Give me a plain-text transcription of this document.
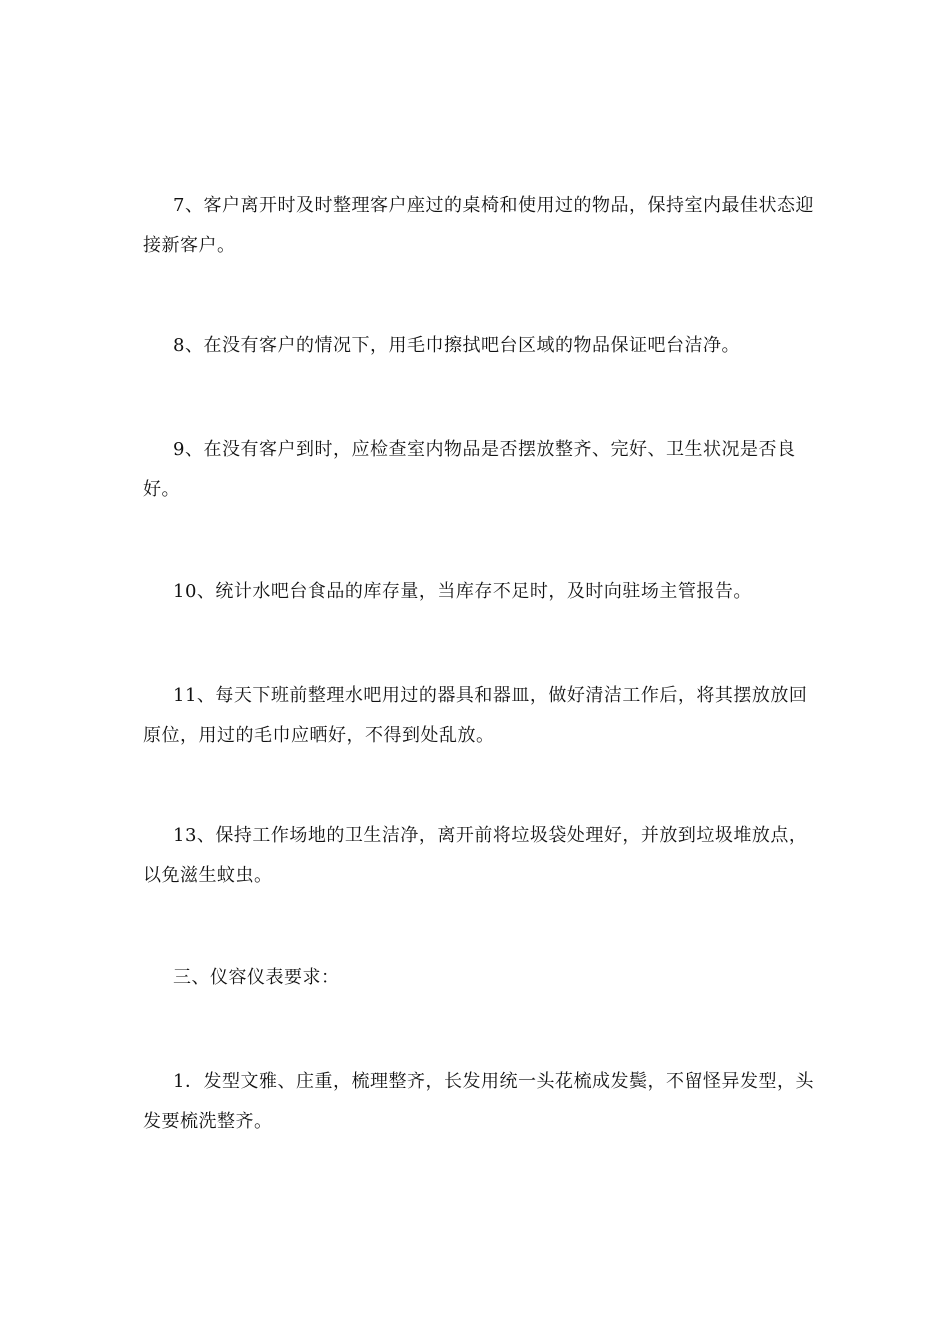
7、客户离开时及时整理客户座过的桌椅和使用过的物品，保持室内最佳状态迎接新客户。

8、在没有客户的情况下，用毛巾擦拭吧台区域的物品保证吧台洁净。

9、在没有客户到时，应检查室内物品是否摆放整齐、完好、卫生状况是否良好。

10、统计水吧台食品的库存量，当库存不足时，及时向驻场主管报告。

11、每天下班前整理水吧用过的器具和器皿，做好清洁工作后，将其摆放放回原位，用过的毛巾应晒好，不得到处乱放。

13、保持工作场地的卫生洁净，离开前将垃圾袋处理好，并放到垃圾堆放点，以免滋生蚊虫。

三、仪容仪表要求：

1．发型文雅、庄重，梳理整齐，长发用统一头花梳成发鬓，不留怪异发型，头发要梳洗整齐。
